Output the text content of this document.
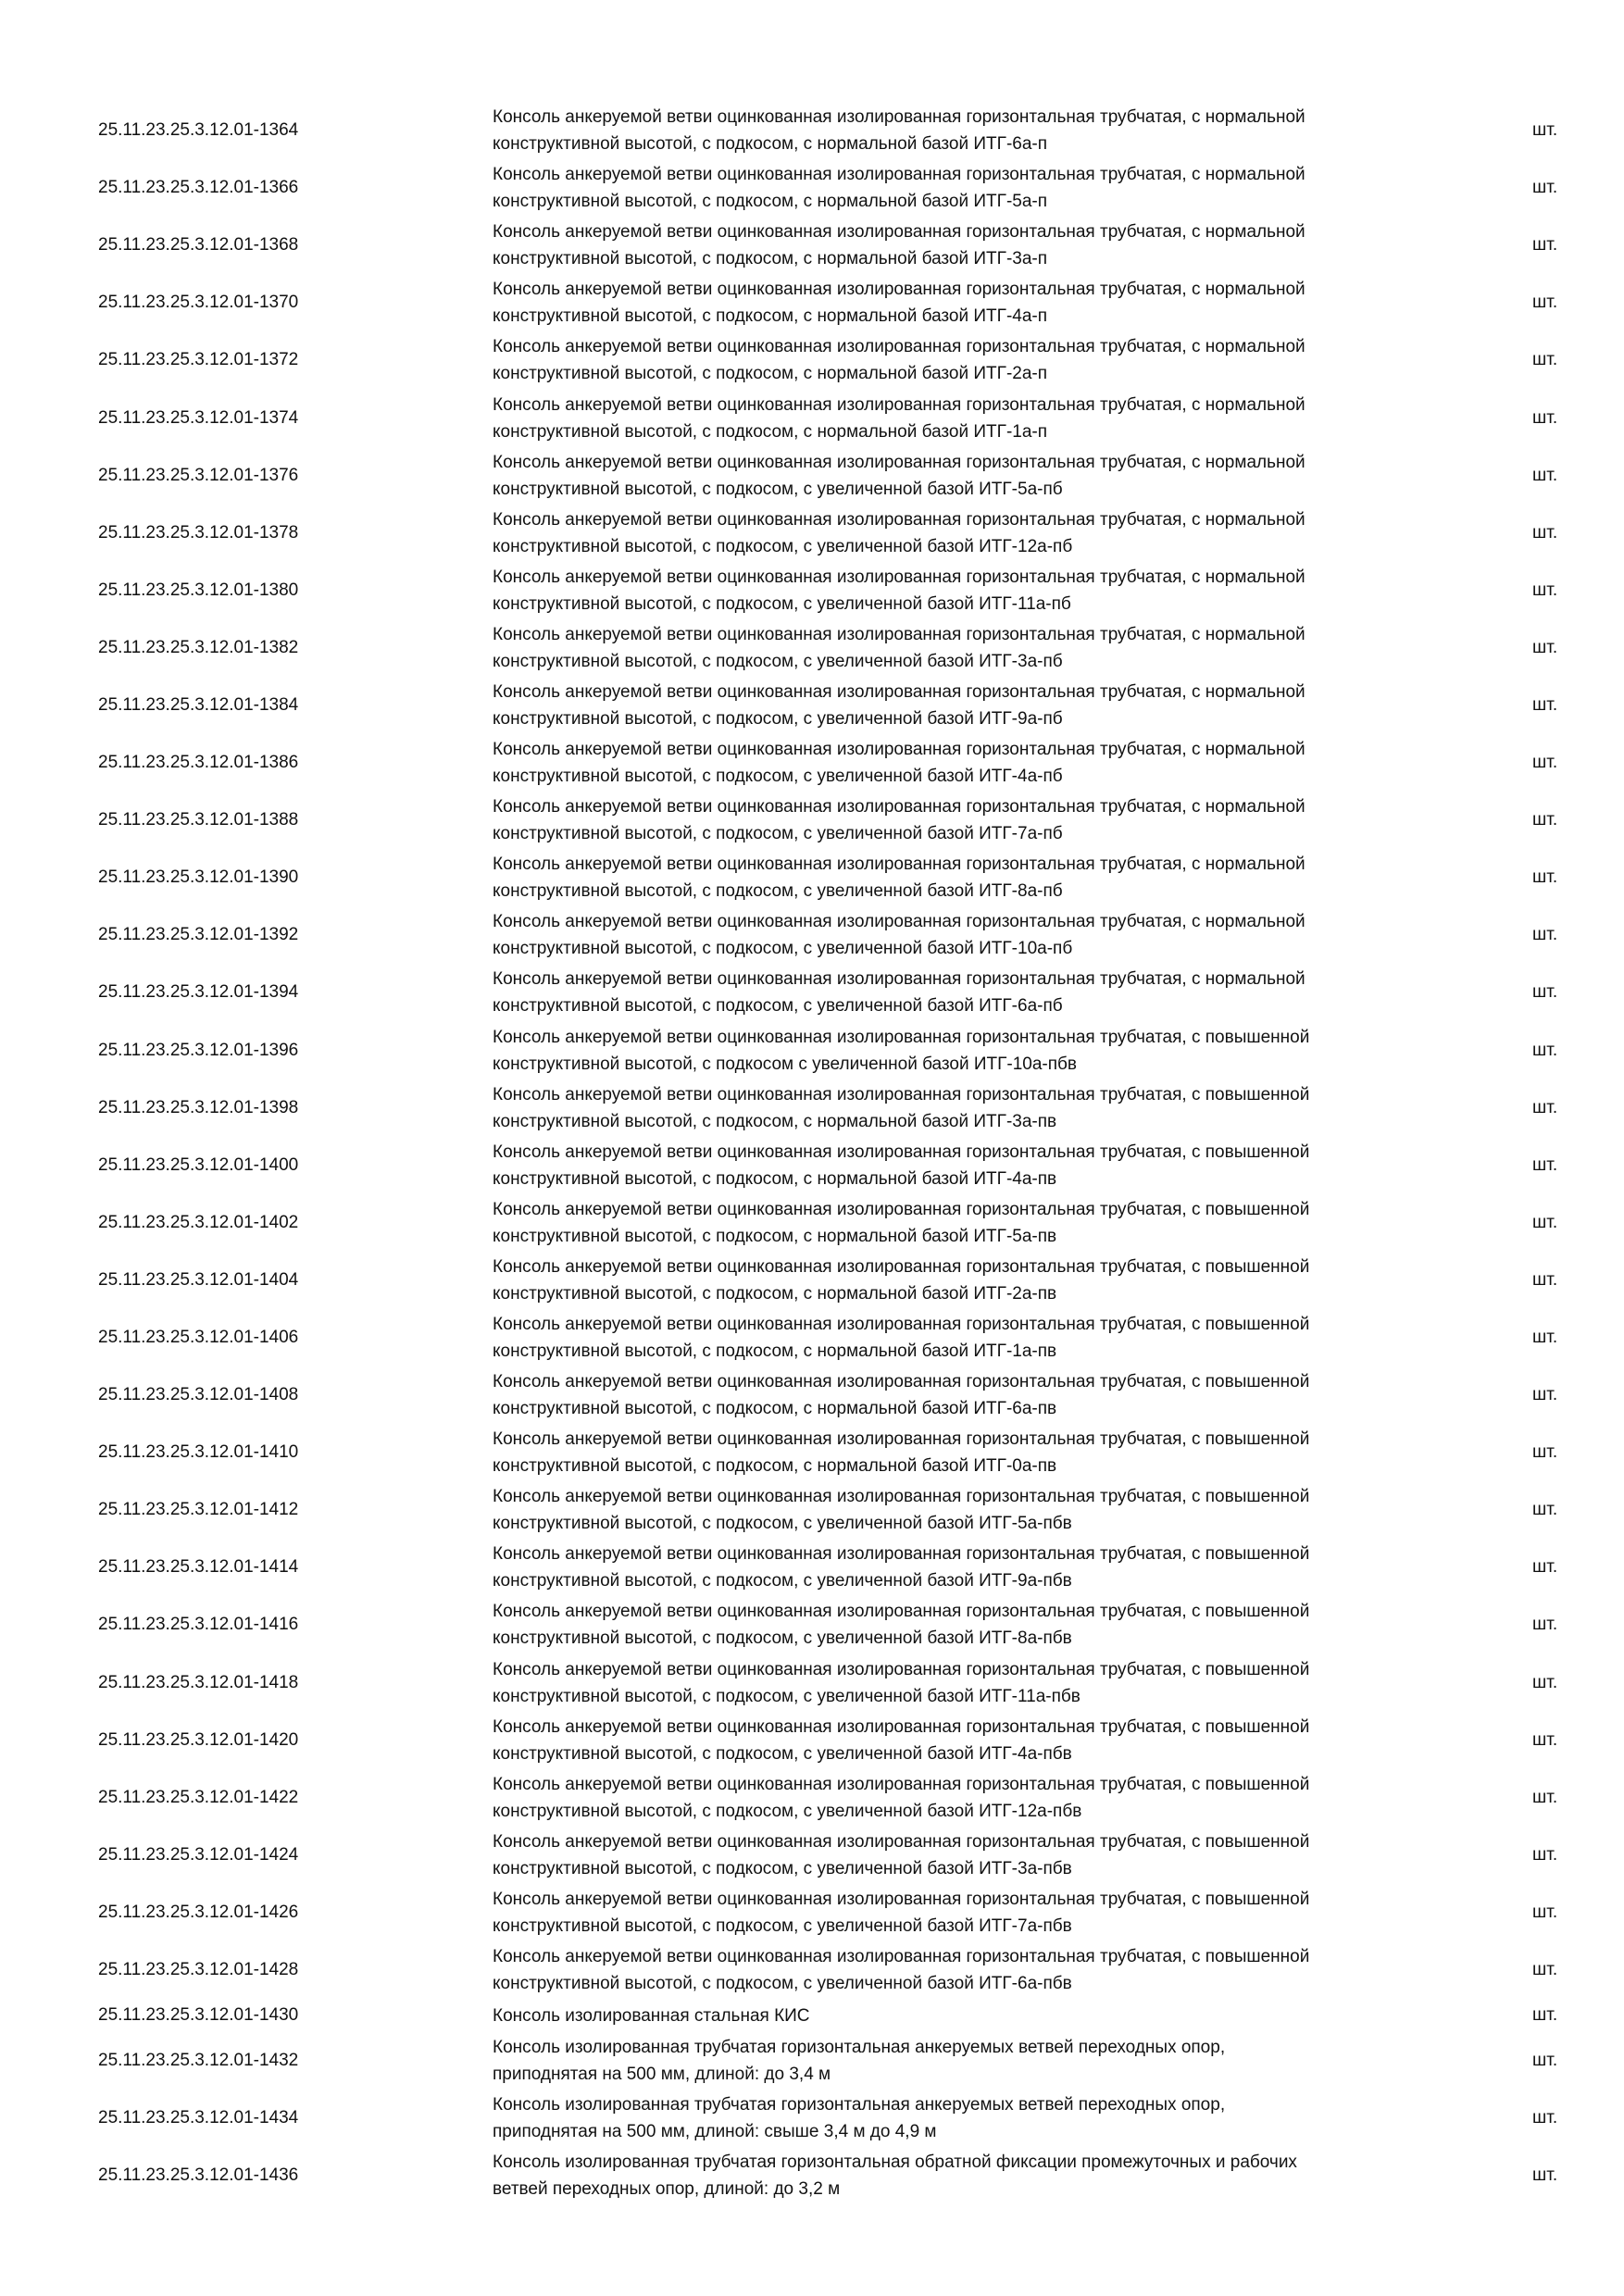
25.11.23.25.3.12.01-1364
Консоль анкеруемой ветви оцинкованная изолированная горизонтальная трубчатая, с нормальной
конструктивной высотой, с подкосом, с нормальной базой ИТГ-6а-п
шт.
25.11.23.25.3.12.01-1366
Консоль анкеруемой ветви оцинкованная изолированная горизонтальная трубчатая, с нормальной
конструктивной высотой, с подкосом, с нормальной базой ИТГ-5а-п
шт.
25.11.23.25.3.12.01-1368
Консоль анкеруемой ветви оцинкованная изолированная горизонтальная трубчатая, с нормальной
конструктивной высотой, с подкосом, с нормальной базой ИТГ-3а-п
шт.
25.11.23.25.3.12.01-1370
Консоль анкеруемой ветви оцинкованная изолированная горизонтальная трубчатая, с нормальной
конструктивной высотой, с подкосом, с нормальной базой ИТГ-4а-п
шт.
25.11.23.25.3.12.01-1372
Консоль анкеруемой ветви оцинкованная изолированная горизонтальная трубчатая, с нормальной
конструктивной высотой, с подкосом, с нормальной базой ИТГ-2а-п
шт.
25.11.23.25.3.12.01-1374
Консоль анкеруемой ветви оцинкованная изолированная горизонтальная трубчатая, с нормальной
конструктивной высотой, с подкосом, с нормальной базой ИТГ-1а-п
шт.
25.11.23.25.3.12.01-1376
Консоль анкеруемой ветви оцинкованная изолированная горизонтальная трубчатая, с нормальной
конструктивной высотой, с подкосом, с увеличенной базой ИТГ-5а-пб
шт.
25.11.23.25.3.12.01-1378
Консоль анкеруемой ветви оцинкованная изолированная горизонтальная трубчатая, с нормальной
конструктивной высотой, с подкосом, с увеличенной базой ИТГ-12а-пб
шт.
25.11.23.25.3.12.01-1380
Консоль анкеруемой ветви оцинкованная изолированная горизонтальная трубчатая, с нормальной
конструктивной высотой, с подкосом, с увеличенной базой ИТГ-11а-пб
шт.
25.11.23.25.3.12.01-1382
Консоль анкеруемой ветви оцинкованная изолированная горизонтальная трубчатая, с нормальной
конструктивной высотой, с подкосом, с увеличенной базой ИТГ-3а-пб
шт.
25.11.23.25.3.12.01-1384
Консоль анкеруемой ветви оцинкованная изолированная горизонтальная трубчатая, с нормальной
конструктивной высотой, с подкосом, с увеличенной базой ИТГ-9а-пб
шт.
25.11.23.25.3.12.01-1386
Консоль анкеруемой ветви оцинкованная изолированная горизонтальная трубчатая, с нормальной
конструктивной высотой, с подкосом, с увеличенной базой ИТГ-4а-пб
шт.
25.11.23.25.3.12.01-1388
Консоль анкеруемой ветви оцинкованная изолированная горизонтальная трубчатая, с нормальной
конструктивной высотой, с подкосом, с увеличенной базой ИТГ-7а-пб
шт.
25.11.23.25.3.12.01-1390
Консоль анкеруемой ветви оцинкованная изолированная горизонтальная трубчатая, с нормальной
конструктивной высотой, с подкосом, с увеличенной базой ИТГ-8а-пб
шт.
25.11.23.25.3.12.01-1392
Консоль анкеруемой ветви оцинкованная изолированная горизонтальная трубчатая, с нормальной
конструктивной высотой, с подкосом, с увеличенной базой ИТГ-10а-пб
шт.
25.11.23.25.3.12.01-1394
Консоль анкеруемой ветви оцинкованная изолированная горизонтальная трубчатая, с нормальной
конструктивной высотой, с подкосом, с увеличенной базой ИТГ-6а-пб
шт.
25.11.23.25.3.12.01-1396
Консоль анкеруемой ветви оцинкованная изолированная горизонтальная трубчатая, с повышенной
конструктивной высотой, с подкосом с увеличенной базой ИТГ-10а-пбв
шт.
25.11.23.25.3.12.01-1398
Консоль анкеруемой ветви оцинкованная изолированная горизонтальная трубчатая, с повышенной
конструктивной высотой, с подкосом, с нормальной базой ИТГ-3а-пв
шт.
25.11.23.25.3.12.01-1400
Консоль анкеруемой ветви оцинкованная изолированная горизонтальная трубчатая, с повышенной
конструктивной высотой, с подкосом, с нормальной базой ИТГ-4а-пв
шт.
25.11.23.25.3.12.01-1402
Консоль анкеруемой ветви оцинкованная изолированная горизонтальная трубчатая, с повышенной
конструктивной высотой, с подкосом, с нормальной базой ИТГ-5а-пв
шт.
25.11.23.25.3.12.01-1404
Консоль анкеруемой ветви оцинкованная изолированная горизонтальная трубчатая, с повышенной
конструктивной высотой, с подкосом, с нормальной базой ИТГ-2а-пв
шт.
25.11.23.25.3.12.01-1406
Консоль анкеруемой ветви оцинкованная изолированная горизонтальная трубчатая, с повышенной
конструктивной высотой, с подкосом, с нормальной базой ИТГ-1а-пв
шт.
25.11.23.25.3.12.01-1408
Консоль анкеруемой ветви оцинкованная изолированная горизонтальная трубчатая, с повышенной
конструктивной высотой, с подкосом, с нормальной базой ИТГ-6а-пв
шт.
25.11.23.25.3.12.01-1410
Консоль анкеруемой ветви оцинкованная изолированная горизонтальная трубчатая, с повышенной
конструктивной высотой, с подкосом, с нормальной базой ИТГ-0а-пв
шт.
25.11.23.25.3.12.01-1412
Консоль анкеруемой ветви оцинкованная изолированная горизонтальная трубчатая, с повышенной
конструктивной высотой, с подкосом, с увеличенной базой ИТГ-5а-пбв
шт.
25.11.23.25.3.12.01-1414
Консоль анкеруемой ветви оцинкованная изолированная горизонтальная трубчатая, с повышенной
конструктивной высотой, с подкосом, с увеличенной базой ИТГ-9а-пбв
шт.
25.11.23.25.3.12.01-1416
Консоль анкеруемой ветви оцинкованная изолированная горизонтальная трубчатая, с повышенной
конструктивной высотой, с подкосом, с увеличенной базой ИТГ-8а-пбв
шт.
25.11.23.25.3.12.01-1418
Консоль анкеруемой ветви оцинкованная изолированная горизонтальная трубчатая, с повышенной
конструктивной высотой, с подкосом, с увеличенной базой ИТГ-11а-пбв
шт.
25.11.23.25.3.12.01-1420
Консоль анкеруемой ветви оцинкованная изолированная горизонтальная трубчатая, с повышенной
конструктивной высотой, с подкосом, с увеличенной базой ИТГ-4а-пбв
шт.
25.11.23.25.3.12.01-1422
Консоль анкеруемой ветви оцинкованная изолированная горизонтальная трубчатая, с повышенной
конструктивной высотой, с подкосом, с увеличенной базой ИТГ-12а-пбв
шт.
25.11.23.25.3.12.01-1424
Консоль анкеруемой ветви оцинкованная изолированная горизонтальная трубчатая, с повышенной
конструктивной высотой, с подкосом, с увеличенной базой ИТГ-3а-пбв
шт.
25.11.23.25.3.12.01-1426
Консоль анкеруемой ветви оцинкованная изолированная горизонтальная трубчатая, с повышенной
конструктивной высотой, с подкосом, с увеличенной базой ИТГ-7а-пбв
шт.
25.11.23.25.3.12.01-1428
Консоль анкеруемой ветви оцинкованная изолированная горизонтальная трубчатая, с повышенной
конструктивной высотой, с подкосом, с увеличенной базой ИТГ-6а-пбв
шт.
25.11.23.25.3.12.01-1430	Консоль изолированная стальная КИС	шт.
25.11.23.25.3.12.01-1432
Консоль изолированная трубчатая горизонтальная анкеруемых ветвей переходных опор,
приподнятая на 500 мм, длиной: до 3,4 м
шт.
25.11.23.25.3.12.01-1434
Консоль изолированная трубчатая горизонтальная анкеруемых ветвей переходных опор,
приподнятая на 500 мм, длиной: свыше 3,4 м до 4,9 м
шт.
25.11.23.25.3.12.01-1436
Консоль изолированная трубчатая горизонтальная обратной фиксации промежуточных и рабочих
ветвей переходных опор, длиной: до 3,2 м
шт.
